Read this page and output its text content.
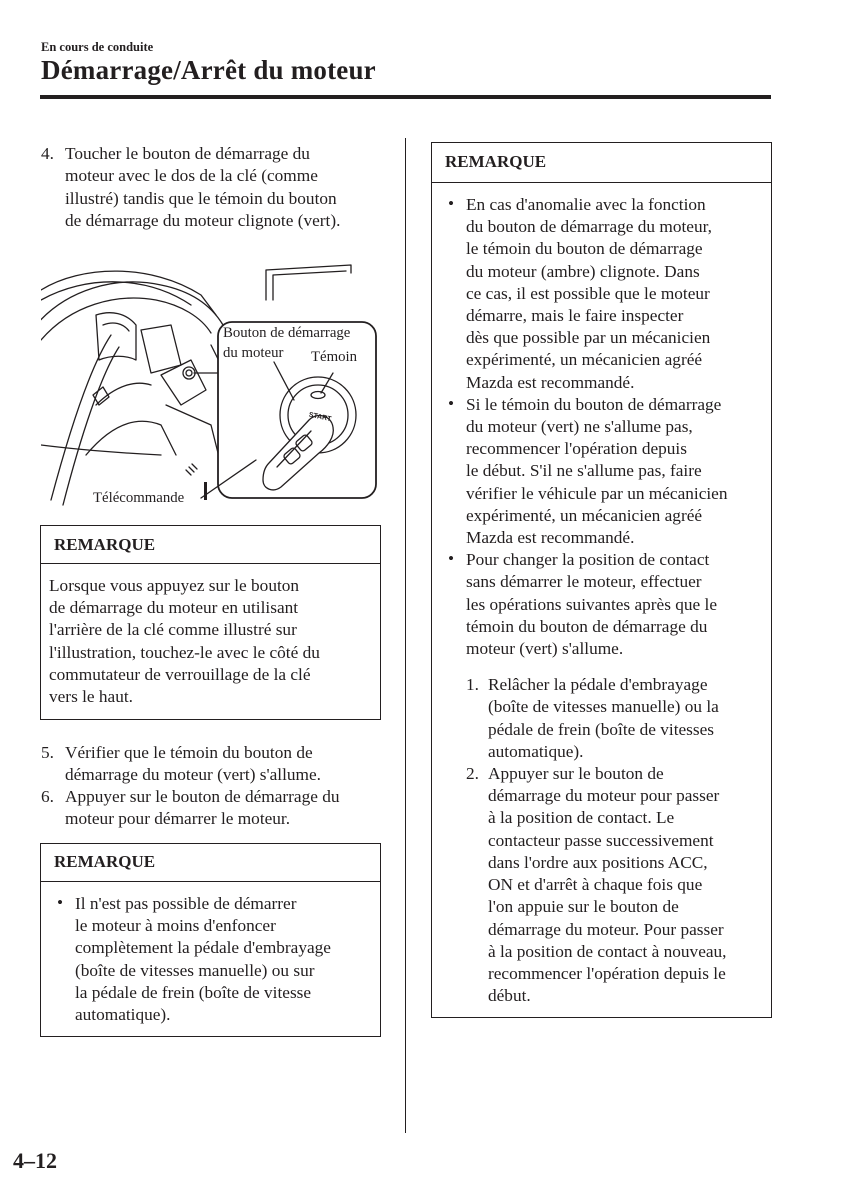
En cours de conduite
Démarrage/Arrêt du moteur
4. Toucher le bouton de démarrage du
moteur avec le dos de la clé (comme
illustré) tandis que le témoin du bouton
de démarrage du moteur clignote (vert).
START
Bouton de démarrage
du moteur Témoin
Télécommande
REMARQUE
Lorsque vous appuyez sur le bouton
de démarrage du moteur en utilisant
l'arrière de la clé comme illustré sur
l'illustration, touchez-le avec le côté du
commutateur de verrouillage de la clé
vers le haut.
5. Vérifier que le témoin du bouton de
démarrage du moteur (vert) s'allume.
6. Appuyer sur le bouton de démarrage du
moteur pour démarrer le moteur.
REMARQUE
• Il n'est pas possible de démarrer
le moteur à moins d'enfoncer
complètement la pédale d'embrayage
(boîte de vitesses manuelle) ou sur
la pédale de frein (boîte de vitesse
automatique).
REMARQUE
• En cas d'anomalie avec la fonction
du bouton de démarrage du moteur,
le témoin du bouton de démarrage
du moteur (ambre) clignote. Dans
ce cas, il est possible que le moteur
démarre, mais le faire inspecter
dès que possible par un mécanicien
expérimenté, un mécanicien agréé
Mazda est recommandé.
• Si le témoin du bouton de démarrage
du moteur (vert) ne s'allume pas,
recommencer l'opération depuis
le début. S'il ne s'allume pas, faire
vérifier le véhicule par un mécanicien
expérimenté, un mécanicien agréé
Mazda est recommandé.
• Pour changer la position de contact
sans démarrer le moteur, effectuer
les opérations suivantes après que le
témoin du bouton de démarrage du
moteur (vert) s'allume.
1. Relâcher la pédale d'embrayage
(boîte de vitesses manuelle) ou la
pédale de frein (boîte de vitesses
automatique).
2. Appuyer sur le bouton de
démarrage du moteur pour passer
à la position de contact. Le
contacteur passe successivement
dans l'ordre aux positions ACC,
ON et d'arrêt à chaque fois que
l'on appuie sur le bouton de
démarrage du moteur. Pour passer
à la position de contact à nouveau,
recommencer l'opération depuis le
début.
4–12
